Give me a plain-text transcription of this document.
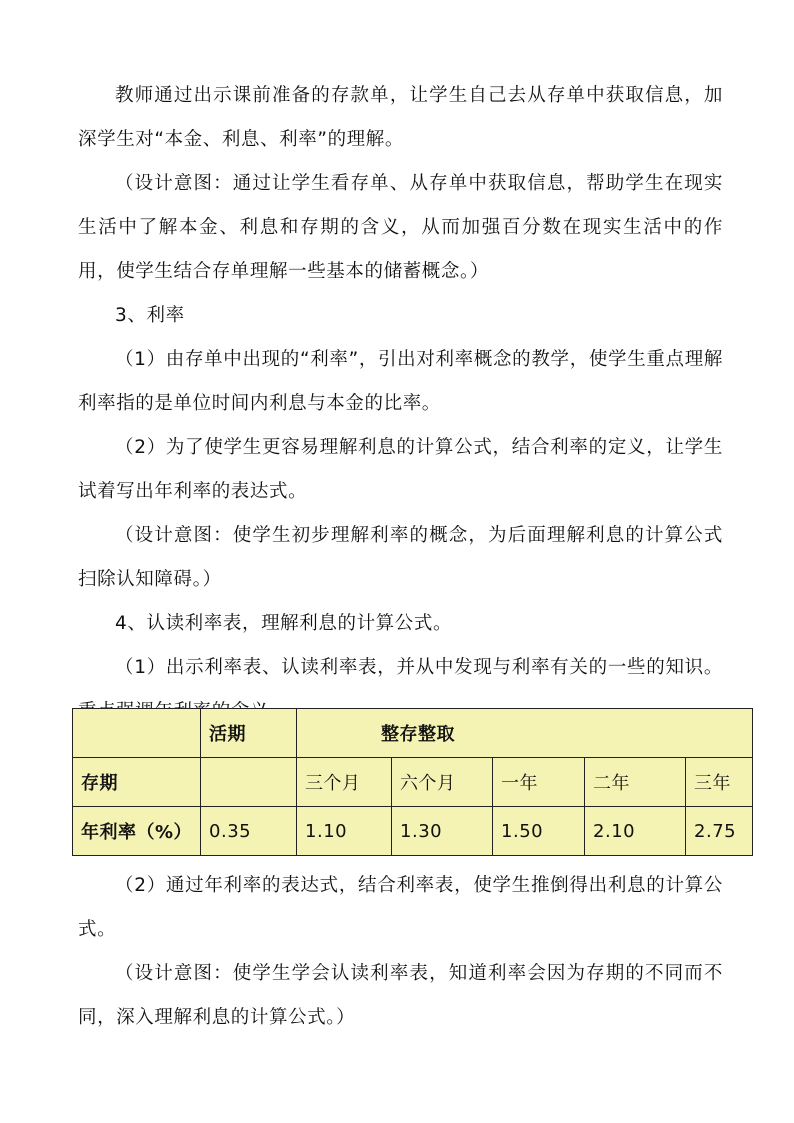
教师通过出示课前准备的存款单，让学生自己去从存单中获取信息，加深学生对“本金、利息、利率”的理解。

（设计意图：通过让学生看存单、从存单中获取信息，帮助学生在现实生活中了解本金、利息和存期的含义，从而加强百分数在现实生活中的作用，使学生结合存单理解一些基本的储蓄概念。）

3、利率

（1）由存单中出现的“利率”，引出对利率概念的教学，使学生重点理解利率指的是单位时间内利息与本金的比率。

（2）为了使学生更容易理解利息的计算公式，结合利率的定义，让学生试着写出年利率的表达式。

（设计意图：使学生初步理解利率的概念，为后面理解利息的计算公式扫除认知障碍。）

4、认读利率表，理解利息的计算公式。

（1）出示利率表、认读利率表，并从中发现与利率有关的一些的知识。

	活期	整存整取				
存期		三个月	六个月	一年	二年	三年
年利率（%）	0.35	1.10	1.30	1.50	2.10	2.75

（2）通过年利率的表达式，结合利率表，使学生推倒得出利息的计算公式。

（设计意图：使学生学会认读利率表，知道利率会因为存期的不同而不同，深入理解利息的计算公式。）
